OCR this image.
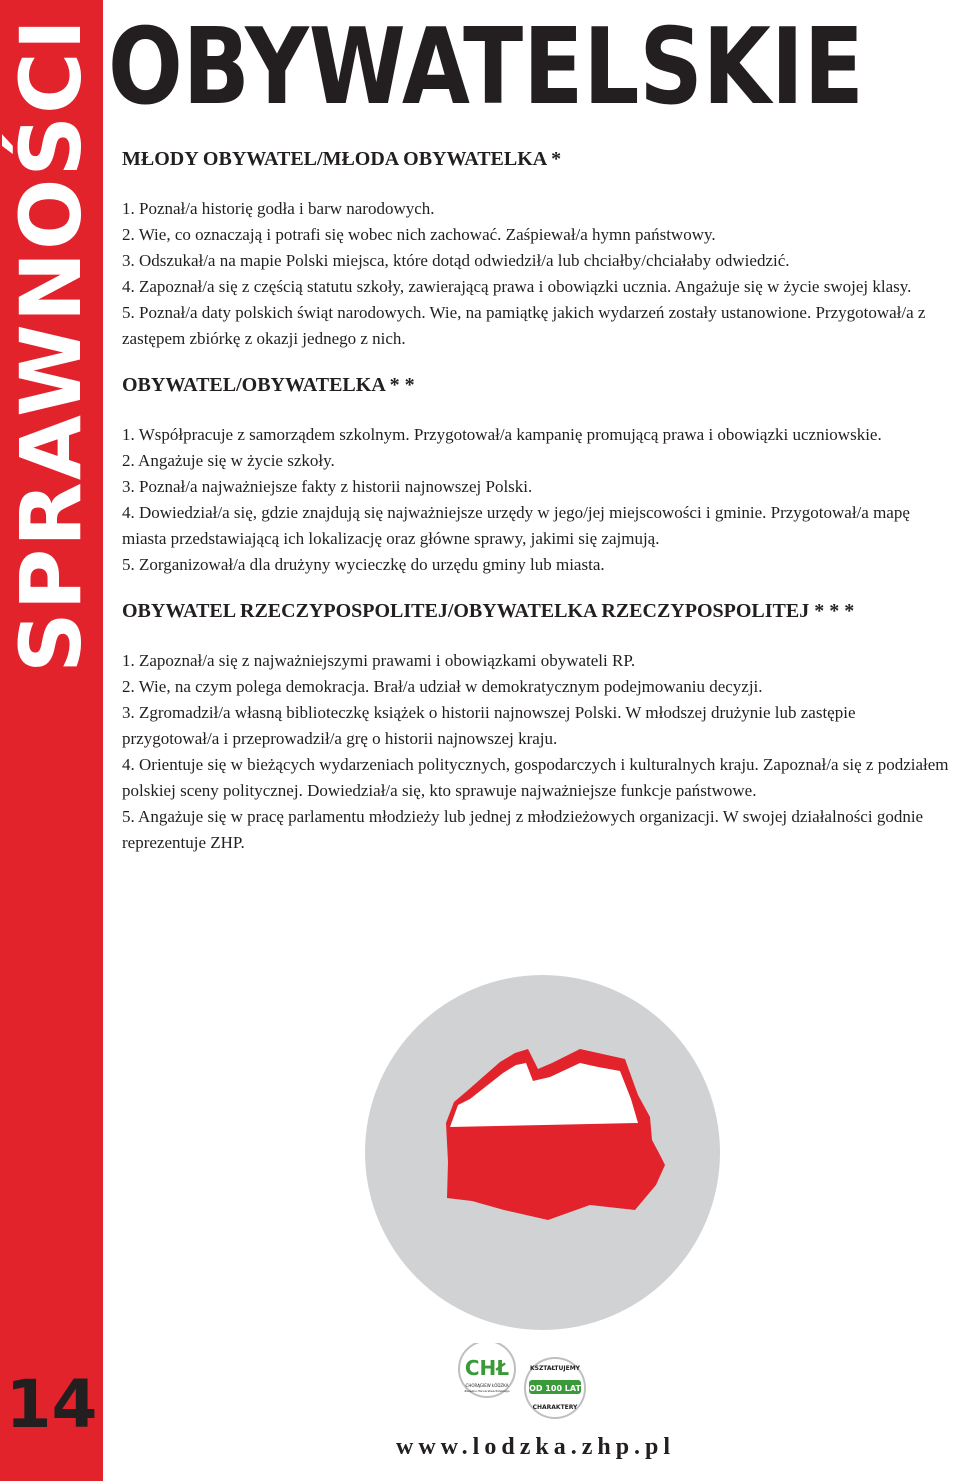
SPRAWNOŚCI
14
OBYWATELSKIE
MŁODY OBYWATEL/MŁODA OBYWATELKA *
1. Poznał/a historię godła i barw narodowych.
2. Wie, co oznaczają i potrafi się wobec nich zachować. Zaśpiewał/a hymn państwowy.
3. Odszukał/a na mapie Polski miejsca, które dotąd odwiedził/a lub chciałby/chciałaby odwiedzić.
4. Zapoznał/a się z częścią statutu szkoły, zawierającą prawa i obowiązki ucznia. Angażuje się w życie swojej klasy.
5. Poznał/a daty polskich świąt narodowych. Wie, na pamiątkę jakich wydarzeń zostały ustanowione. Przygotował/a z zastępem zbiórkę z okazji jednego z nich.
OBYWATEL/OBYWATELKA * *
1. Współpracuje z samorządem szkolnym. Przygotował/a kampanię promującą prawa i obowiązki uczniowskie.
2. Angażuje się w życie szkoły.
3. Poznał/a najważniejsze fakty z historii najnowszej Polski.
4. Dowiedział/a się, gdzie znajdują się najważniejsze urzędy w jego/jej miejscowości i gminie. Przygotował/a mapę miasta przedstawiającą ich lokalizację oraz główne sprawy, jakimi się zajmują.
5. Zorganizował/a dla drużyny wycieczkę do urzędu gminy lub miasta.
OBYWATEL RZECZYPOSPOLITEJ/OBYWATELKA RZECZYPOSPOLITEJ * * *
1. Zapoznał/a się z najważniejszymi prawami i obowiązkami obywateli RP.
2. Wie, na czym polega demokracja. Brał/a udział w demokratycznym podejmowaniu decyzji.
3. Zgromadził/a własną biblioteczkę książek o historii najnowszej Polski. W młodszej drużynie lub zastępie przygotował/a i przeprowadził/a grę o historii najnowszej kraju.
4. Orientuje się w bieżących wydarzeniach politycznych, gospodarczych i kulturalnych kraju. Zapoznał/a się z podziałem polskiej sceny politycznej. Dowiedział/a się, kto sprawuje najważniejsze funkcje państwowe.
5. Angażuje się w pracę parlamentu młodzieży lub jednej z młodzieżowych organizacji. W swojej działalności godnie reprezentuje ZHP.
CHŁ
CHORĄGIEW ŁÓDZKA
Związku Harcerstwa Polskiego
KSZTAŁTUJEMY
OD 100 LAT
CHARAKTERY
www.lodzka.zhp.pl
